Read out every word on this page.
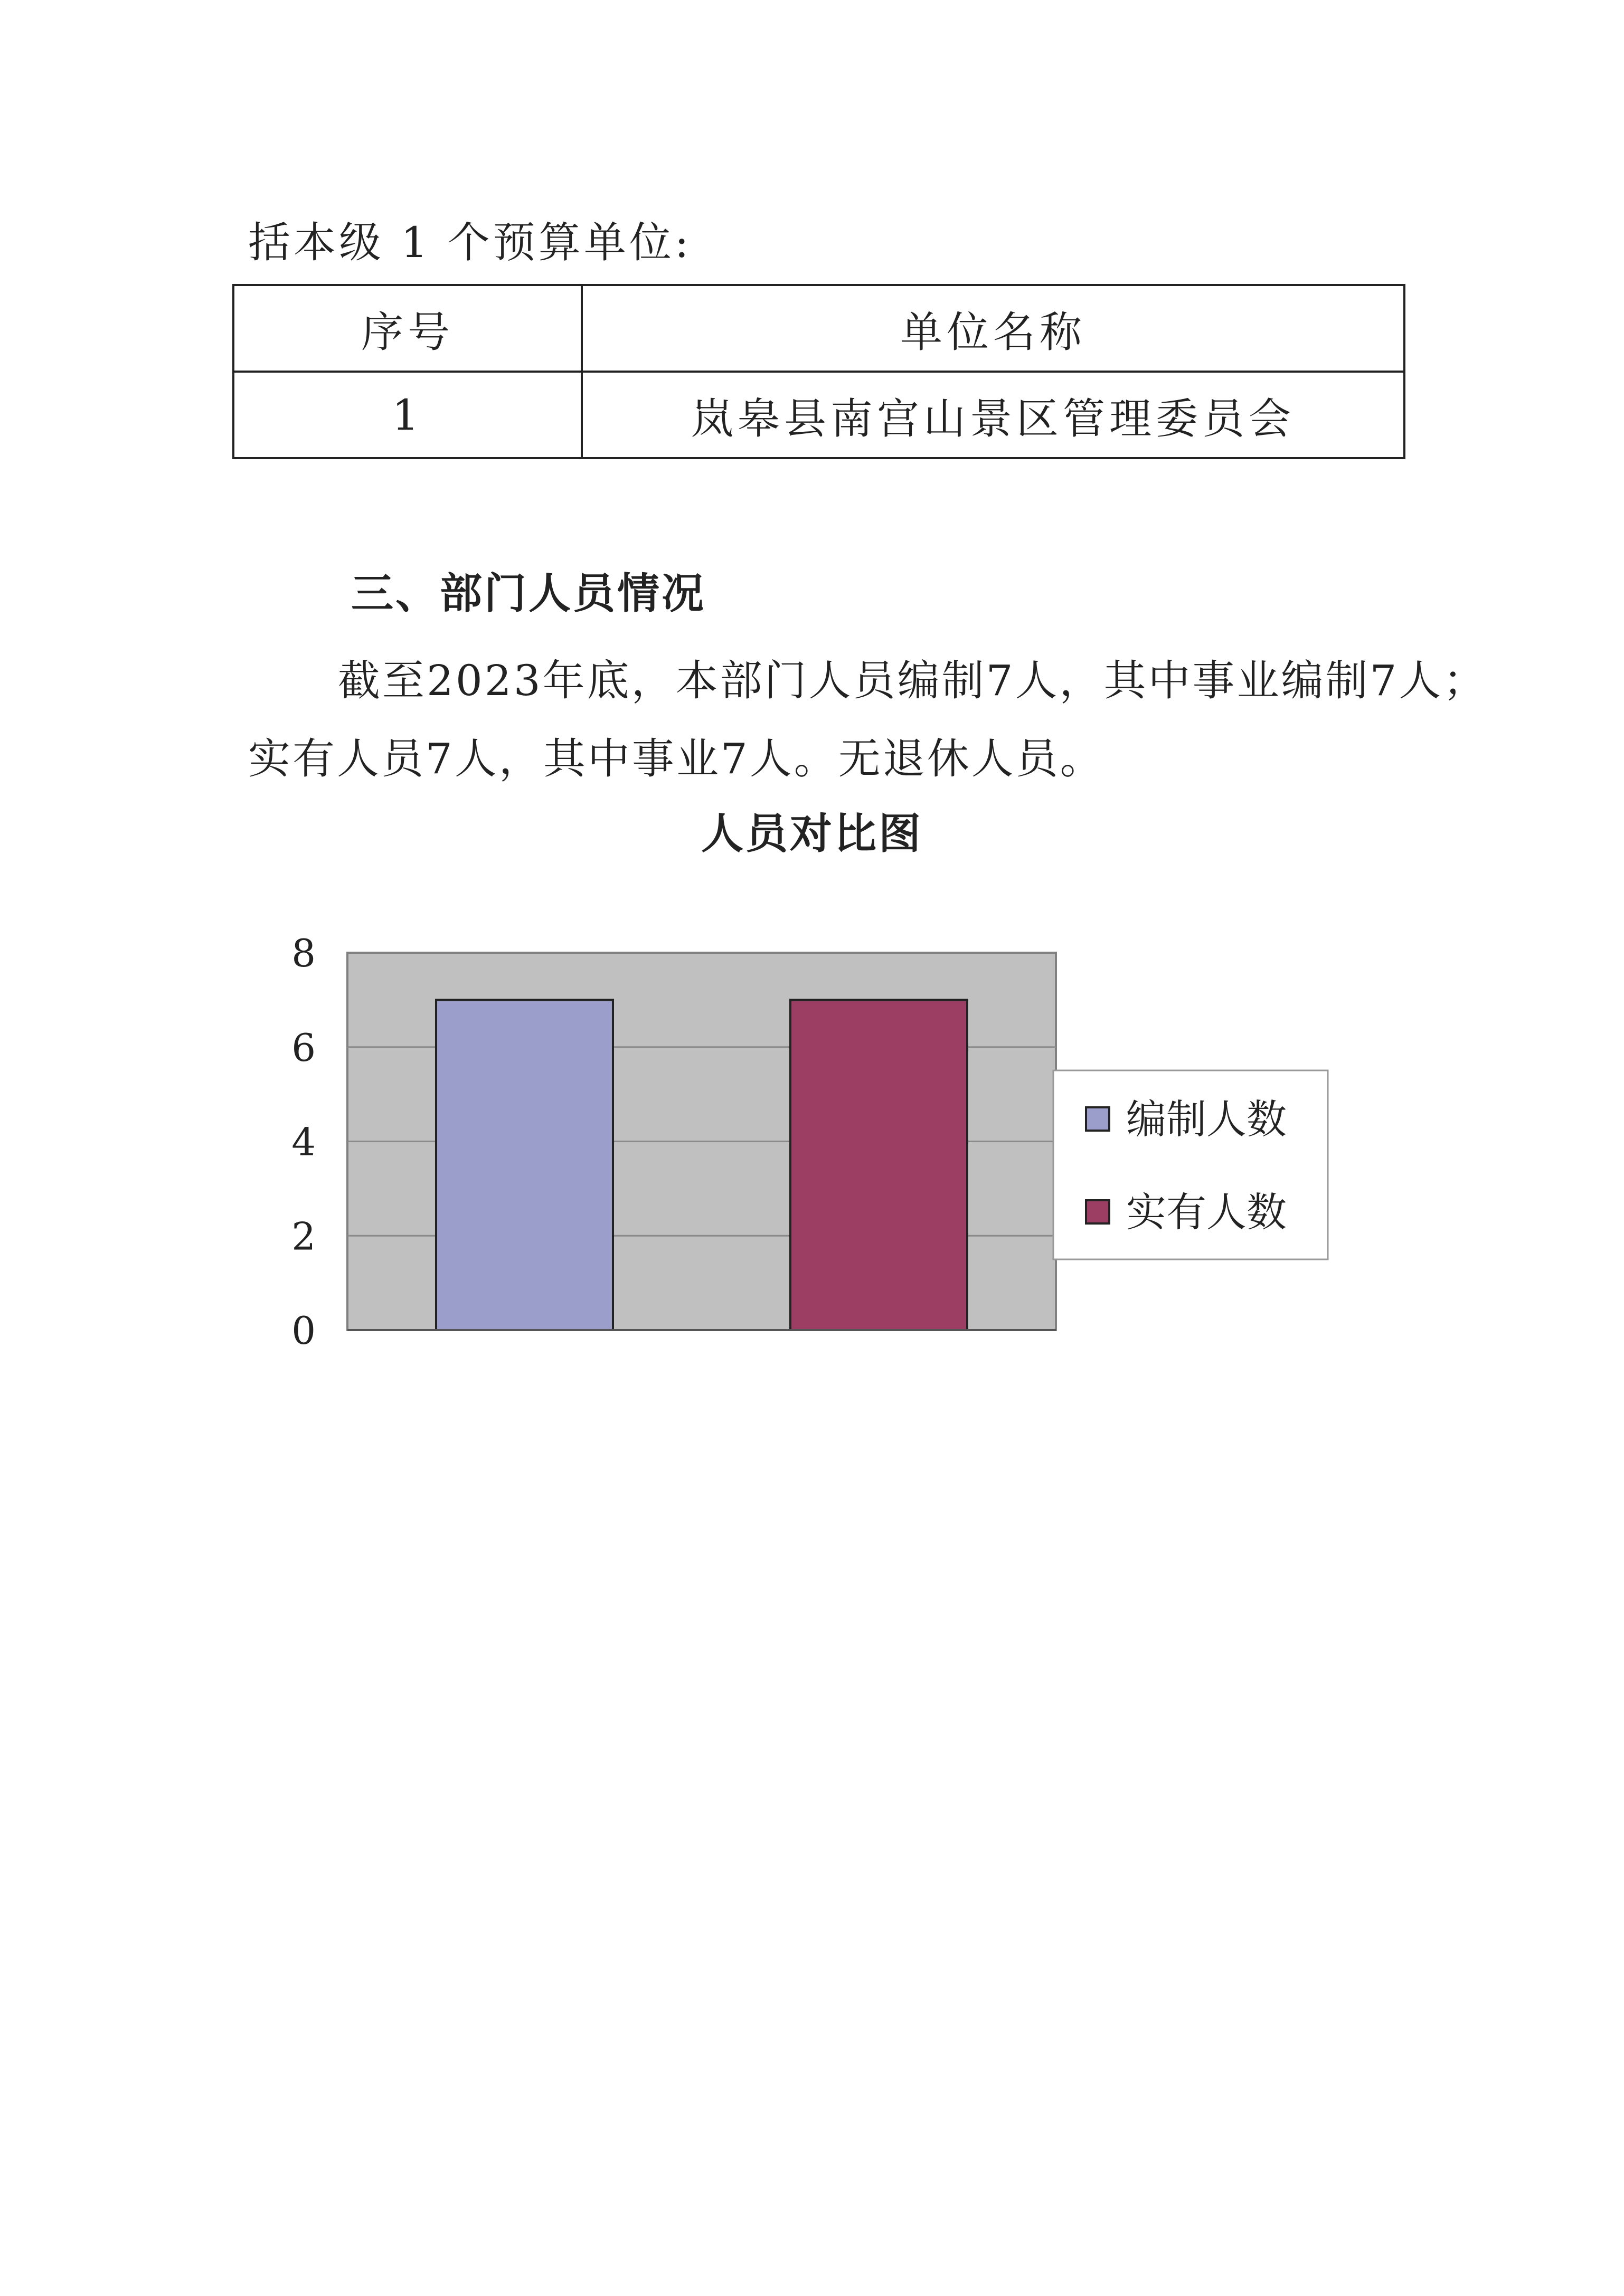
括本级 1 个预算单位:
序号	单位名称
1	岚皋县南宫山景区管理委员会
三、部门人员情况
截至2023年底，本部门人员编制7人，其中事业编制7人；
实有人员7人，其中事业7人。无退休人员。
人员对比图
0
2
4
6
8
编制人数
实有人数
